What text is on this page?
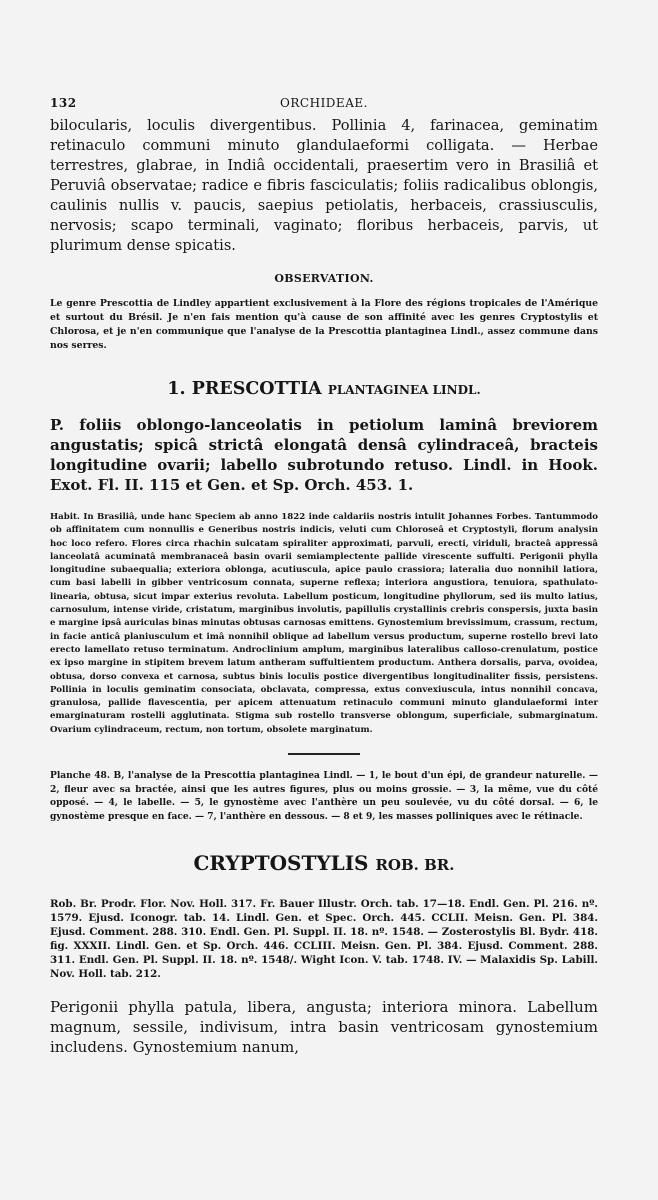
132	ORCHIDEAE.

bilocularis, loculis divergentibus. Pollinia 4, farinacea, geminatim retinaculo communi minuto glandulaeformi colligata. — Herbae terrestres, glabrae, in Indiâ occidentali, praesertim vero in Brasiliâ et Peruviâ observatae; radice e fibris fasciculatis; foliis radicalibus oblongis, caulinis nullis v. paucis, saepius petiolatis, herbaceis, crassiusculis, nervosis; scapo terminali, vaginato; floribus herbaceis, parvis, ut plurimum dense spicatis.

OBSERVATION.

Le genre Prescottia de Lindley appartient exclusivement à la Flore des régions tropicales de l'Amérique et surtout du Brésil. Je n'en fais mention qu'à cause de son affinité avec les genres Cryptostylis et Chlorosa, et je n'en communique que l'analyse de la Prescottia plantaginea Lindl., assez commune dans nos serres.

1. PRESCOTTIA PLANTAGINEA LINDL.

P. foliis oblongo-lanceolatis in petiolum laminâ breviorem angustatis; spicâ strictâ elongatâ densâ cylindraceâ, bracteis longitudine ovarii; labello subrotundo retuso. Lindl. in Hook. Exot. Fl. II. 115 et Gen. et Sp. Orch. 453. 1.

Habit. In Brasiliâ, unde hanc Speciem ab anno 1822 inde caldariis nostris intulit Johannes Forbes. Tantummodo ob affinitatem cum nonnullis e Generibus nostris indicis, veluti cum Chloroseâ et Cryptostyli, florum analysin hoc loco refero. Flores circa rhachin sulcatam spiraliter approximati, parvuli, erecti, viriduli, bracteâ appressâ lanceolatâ acuminatâ membranaceâ basin ovarii semiamplectente pallide virescente suffulti. Perigonii phylla longitudine subaequalia; exteriora oblonga, acutiuscula, apice paulo crassiora; lateralia duo nonnihil latiora, cum basi labelli in gibber ventricosum connata, superne reflexa; interiora angustiora, tenuiora, spathulato-linearia, obtusa, sicut impar exterius revoluta. Labellum posticum, longitudine phyllorum, sed iis multo latius, carnosulum, intense viride, cristatum, marginibus involutis, papillulis crystallinis crebris conspersis, juxta basin e margine ipsâ auriculas binas minutas obtusas carnosas emittens. Gynostemium brevissimum, crassum, rectum, in facie anticâ planiusculum et imâ nonnihil oblique ad labellum versus productum, superne rostello brevi lato erecto lamellato retuso terminatum. Androclinium amplum, marginibus lateralibus calloso-crenulatum, postice ex ipso margine in stipitem brevem latum antheram suffultientem productum. Anthera dorsalis, parva, ovoidea, obtusa, dorso convexa et carnosa, subtus binis loculis postice divergentibus longitudinaliter fissis, persistens. Pollinia in loculis geminatim consociata, obclavata, compressa, extus convexiuscula, intus nonnihil concava, granulosa, pallide flavescentia, per apicem attenuatum retinaculo communi minuto glandulaeformi inter emarginaturam rostelli agglutinata. Stigma sub rostello transverse oblongum, superficiale, submarginatum. Ovarium cylindraceum, rectum, non tortum, obsolete marginatum.

Planche 48. B, l'analyse de la Prescottia plantaginea Lindl. — 1, le bout d'un épi, de grandeur naturelle. — 2, fleur avec sa bractée, ainsi que les autres figures, plus ou moins grossie. — 3, la même, vue du côté opposé. — 4, le labelle. — 5, le gynostème avec l'anthère un peu soulevée, vu du côté dorsal. — 6, le gynostème presque en face. — 7, l'anthère en dessous. — 8 et 9, les masses polliniques avec le rétinacle.

CRYPTOSTYLIS ROB. BR.

Rob. Br. Prodr. Flor. Nov. Holl. 317. Fr. Bauer Illustr. Orch. tab. 17—18. Endl. Gen. Pl. 216. nº. 1579. Ejusd. Iconogr. tab. 14. Lindl. Gen. et Spec. Orch. 445. CCLII. Meisn. Gen. Pl. 384. Ejusd. Comment. 288. 310. Endl. Gen. Pl. Suppl. II. 18. nº. 1548. — Zosterostylis Bl. Bydr. 418. fig. XXXII. Lindl. Gen. et Sp. Orch. 446. CCLIII. Meisn. Gen. Pl. 384. Ejusd. Comment. 288. 311. Endl. Gen. Pl. Suppl. II. 18. nº. 1548/. Wight Icon. V. tab. 1748. IV. — Malaxidis Sp. Labill. Nov. Holl. tab. 212.

Perigonii phylla patula, libera, angusta; interiora minora. Labellum magnum, sessile, indivisum, intra basin ventricosam gynostemium includens. Gynostemium nanum,
